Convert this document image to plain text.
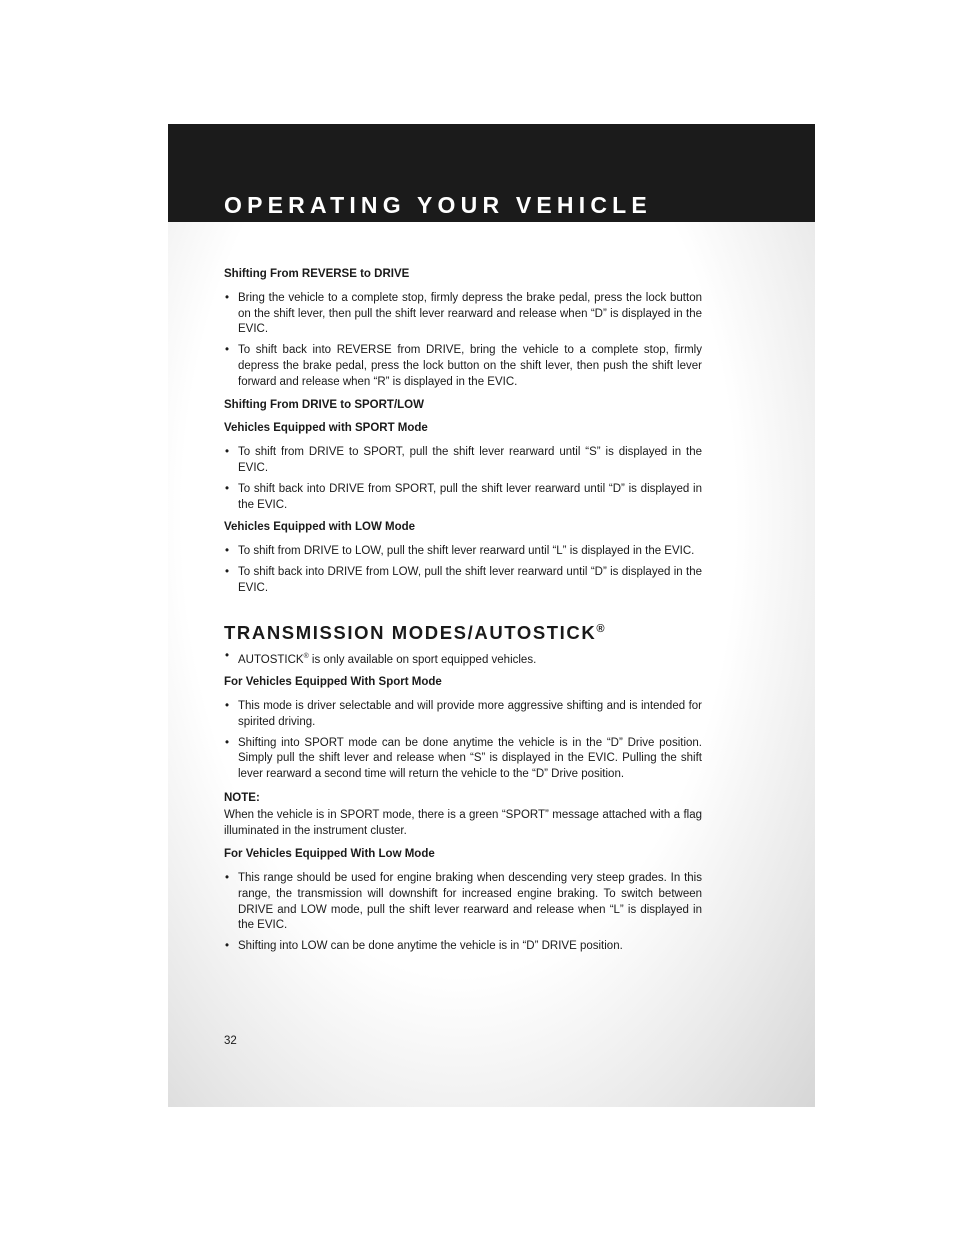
OPERATING YOUR VEHICLE

Shifting From REVERSE to DRIVE

• Bring the vehicle to a complete stop, firmly depress the brake pedal, press the lock button on the shift lever, then pull the shift lever rearward and release when “D” is displayed in the EVIC.
• To shift back into REVERSE from DRIVE, bring the vehicle to a complete stop, firmly depress the brake pedal, press the lock button on the shift lever, then push the shift lever forward and release when “R” is displayed in the EVIC.

Shifting From DRIVE to SPORT/LOW

Vehicles Equipped with SPORT Mode

• To shift from DRIVE to SPORT, pull the shift lever rearward until “S” is displayed in the EVIC.
• To shift back into DRIVE from SPORT, pull the shift lever rearward until “D” is displayed in the EVIC.

Vehicles Equipped with LOW Mode

• To shift from DRIVE to LOW, pull the shift lever rearward until “L” is displayed in the EVIC.
• To shift back into DRIVE from LOW, pull the shift lever rearward until “D” is displayed in the EVIC.
TRANSMISSION MODES/AUTOSTICK®
• AUTOSTICK® is only available on sport equipped vehicles.

For Vehicles Equipped With Sport Mode

• This mode is driver selectable and will provide more aggressive shifting and is intended for spirited driving.
• Shifting into SPORT mode can be done anytime the vehicle is in the “D” Drive position. Simply pull the shift lever and release when “S” is displayed in the EVIC. Pulling the shift lever rearward a second time will return the vehicle to the “D” Drive position.

NOTE:

When the vehicle is in SPORT mode, there is a green “SPORT” message attached with a flag illuminated in the instrument cluster.

For Vehicles Equipped With Low Mode

• This range should be used for engine braking when descending very steep grades. In this range, the transmission will downshift for increased engine braking. To switch between DRIVE and LOW mode, pull the shift lever rearward and release when “L” is displayed in the EVIC.
• Shifting into LOW can be done anytime the vehicle is in “D” DRIVE position.

32
